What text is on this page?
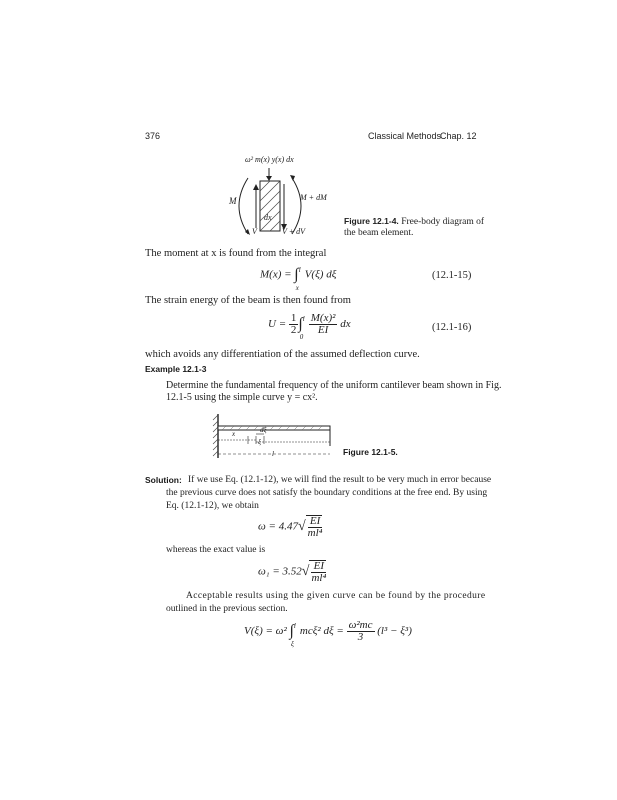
376	Classical Methods
Chap. 12
ω² m(x) y(x) dx
M	M + dM
V	V + dV
dx	Figure 12.1-4. Free-body diagram of the beam element.
The moment at x is found from the integral
M(x) = ∫ l
x
V(ξ) dξ	(12.1-15)
The strain energy of the beam is then found from
$U = \frac{1}{2}$ ∫ l
0
$\frac{\text{M(x)²}}{EI}$ dx	(12.1-16)
which avoids any differentiation of the assumed deflection curve.
Example 12.1-3
Determine the fundamental frequency of the uniform cantilever beam shown in Fig.
12.1-5 using the simple curve y = cx².
x
ξ
dξ
l	Figure 12.1-5.
Solution: If we use Eq. (12.1-12), we will find the result to be very much in error because
the previous curve does not satisfy the boundary conditions at the free end. By using
Eq. (12.1-12), we obtain
$\omega = 4.47√ \frac{EI}{\text{ml⁴}}$
whereas the exact value is
$\omega_1 = 3.52√ \frac{EI}{\text{ml⁴}}$
Acceptable results using the given curve can be found by the procedure
outlined in the previous section.
V(ξ) = ω² ∫ l
ξ
mcξ² $d\xi = \frac{\text{ω²mc}}{3} (l^3 - \xi^3)$
